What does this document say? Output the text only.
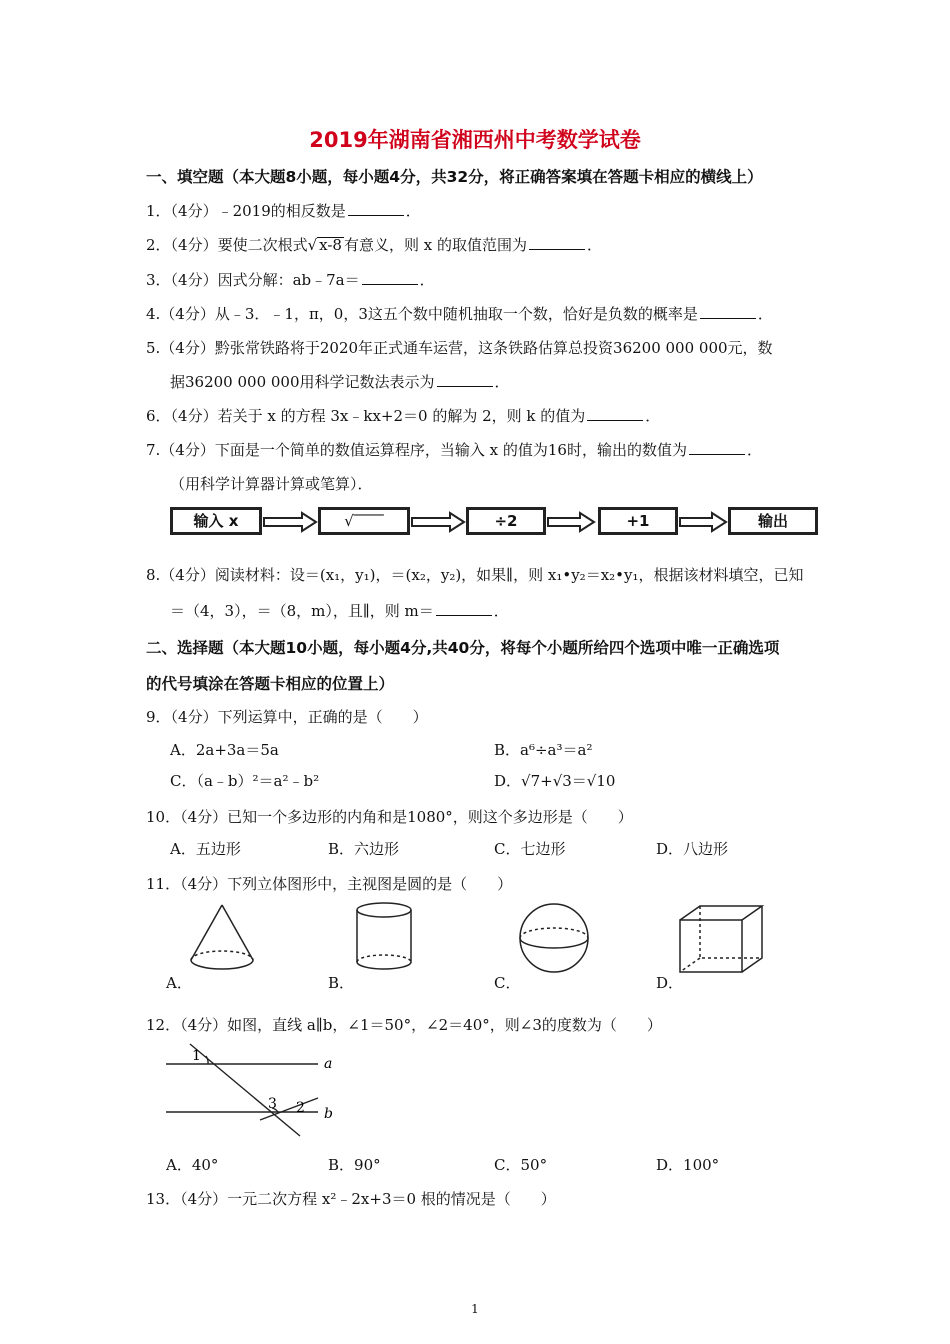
2019年湖南省湘西州中考数学试卷
一、填空题（本大题8小题，每小题4分，共32分，将正确答案填在答题卡相应的横线上）
1．（4分）﹣2019的相反数是	．
2．（4分）要使二次根式√ x-8 有意义，则 x 的取值范围为	．
3．（4分）因式分解：ab﹣7a＝	．
4.（4分）从﹣3．﹣1，π，0，3这五个数中随机抽取一个数，恰好是负数的概率是	．
5.（4分）黔张常铁路将于2020年正式通车运营，这条铁路估算总投资36200 000 000元，数
据36200 000 000用科学记数法表示为	．
6．（4分）若关于 x 的方程 3x﹣kx+2＝0 的解为 2，则 k 的值为	．
7.（4分）下面是一个简单的数值运算程序，当输入 x 的值为16时，输出的数值为	．
（用科学计算器计算或笔算）．
输入 x	√‾‾‾‾	÷2	+1	输出
8.（4分）阅读材料：设＝(x₁，y₁)，＝(x₂，y₂)，如果∥，则 x₁•y₂＝x₂•y₁，根据该材料填空，已知
＝（4，3），＝（8，m），且∥，则 m＝	．
二、选择题（本大题10小题，每小题4分,共40分，将每个小题所给四个选项中唯一正确选项
的代号填涂在答题卡相应的位置上）
9．（4分）下列运算中，正确的是（　　）
A．2a+3a＝5a	B．a⁶÷a³＝a²
C．（a﹣b）²＝a²﹣b²	D．√7+√3＝√10
10．（4分）已知一个多边形的内角和是1080°，则这个多边形是（　　）
A．五边形	B．六边形	C．七边形	D．八边形
11．（4分）下列立体图形中，主视图是圆的是（　　）
A．	B．	C．	D．
12．（4分）如图，直线 a∥b，∠1＝50°，∠2＝40°，则∠3的度数为（　　）
1
3 2
a
b
A．40°	B．90°	C．50°	D．100°
13．（4分）一元二次方程 x²﹣2x+3＝0 根的情况是（　　）
1
